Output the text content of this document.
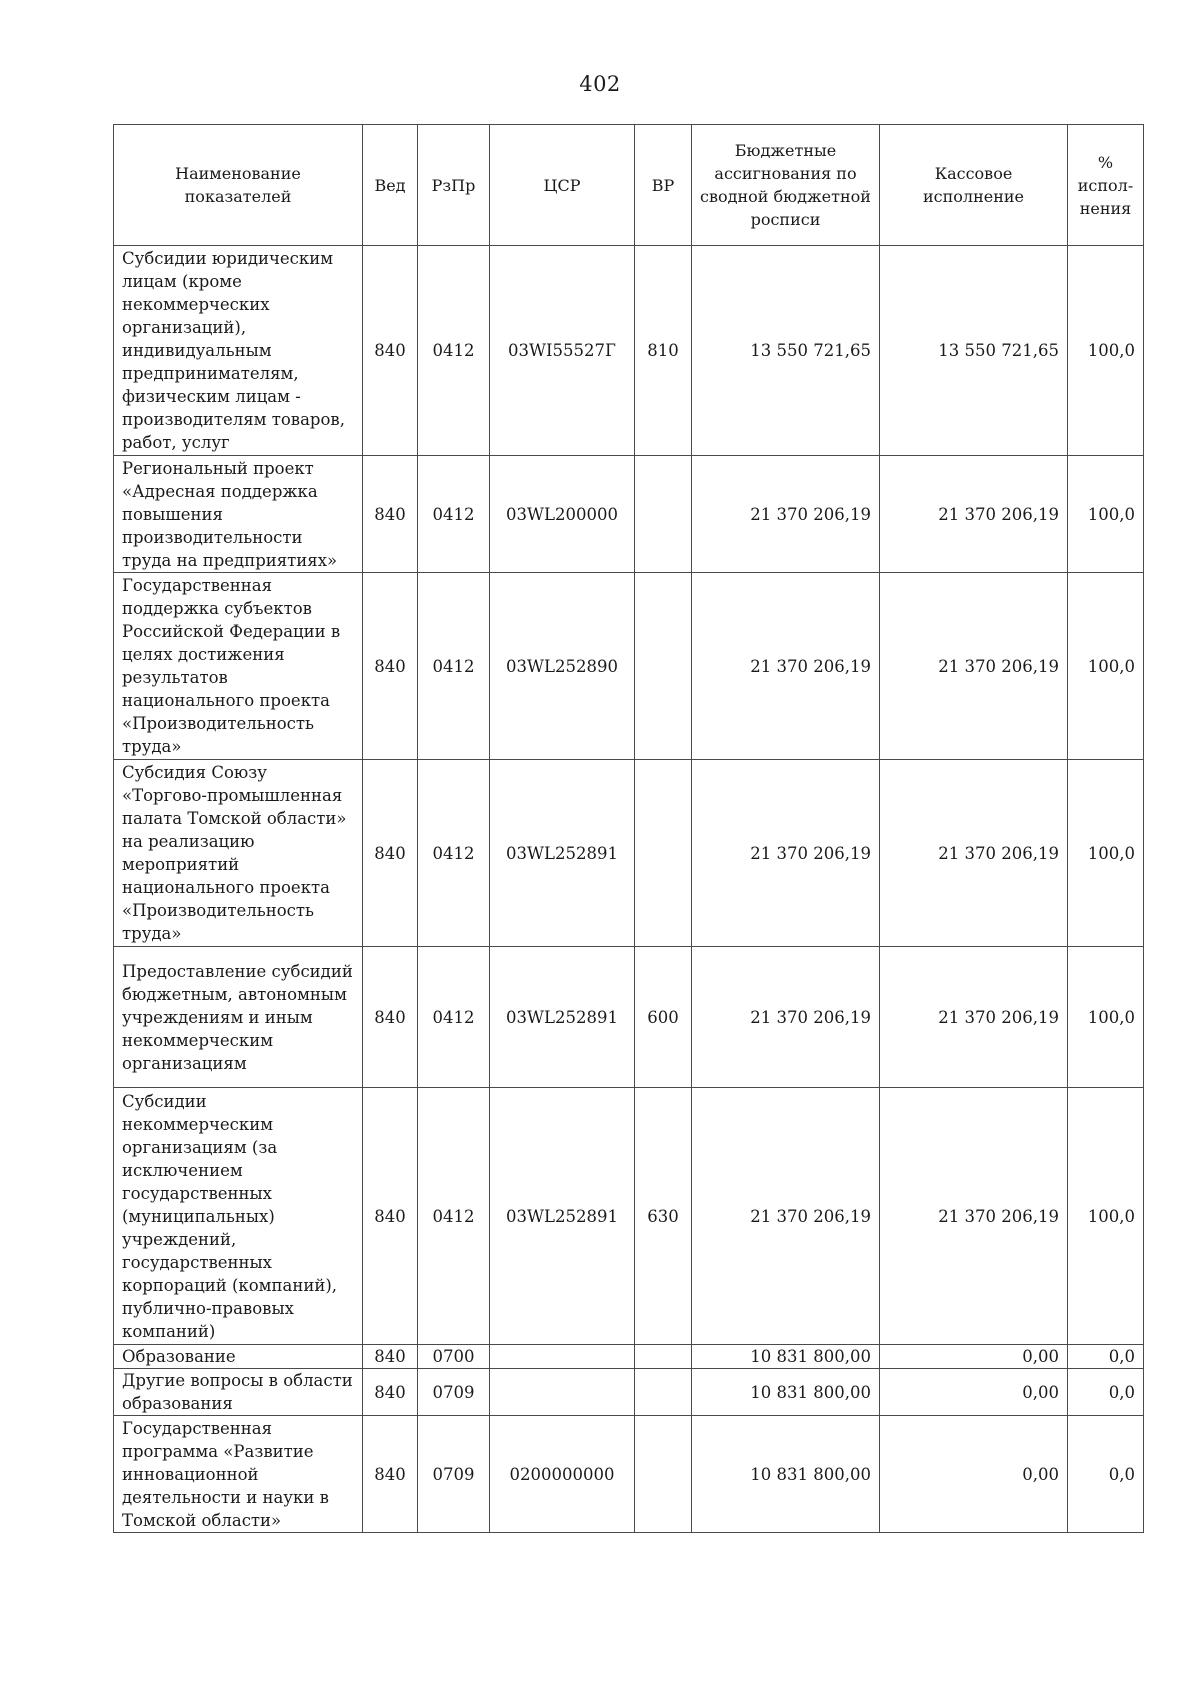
402
Наименование показателей	Вед	РзПр	ЦСР	ВР	Бюджетные ассигнования по сводной бюджетной росписи	Кассовое исполнение	% испол-нения
Субсидии юридическим лицам (кроме некоммерческих организаций), индивидуальным предпринимателям, физическим лицам - производителям товаров, работ, услуг	840	0412	03WI55527Г	810	13 550 721,65	13 550 721,65	100,0
Региональный проект «Адресная поддержка повышения производительности труда на предприятиях»	840	0412	03WL200000		21 370 206,19	21 370 206,19	100,0
Государственная поддержка субъектов Российской Федерации в целях достижения результатов национального проекта «Производительность труда»	840	0412	03WL252890		21 370 206,19	21 370 206,19	100,0
Субсидия Союзу «Торгово-промышленная палата Томской области» на реализацию мероприятий национального проекта «Производительность труда»	840	0412	03WL252891		21 370 206,19	21 370 206,19	100,0
Предоставление субсидий бюджетным, автономным учреждениям и иным некоммерческим организациям	840	0412	03WL252891	600	21 370 206,19	21 370 206,19	100,0
Субсидии некоммерческим организациям (за исключением государственных (муниципальных) учреждений, государственных корпораций (компаний), публично-правовых компаний)	840	0412	03WL252891	630	21 370 206,19	21 370 206,19	100,0
Образование	840	0700			10 831 800,00	0,00	0,0
Другие вопросы в области образования	840	0709			10 831 800,00	0,00	0,0
Государственная программа «Развитие инновационной деятельности и науки в Томской области»	840	0709	0200000000		10 831 800,00	0,00	0,0
